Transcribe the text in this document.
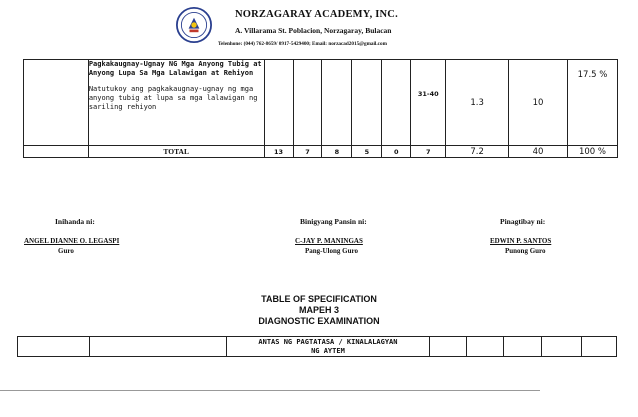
NORZAGARAY ACADEMY, INC.
A. Villarama St. Poblacion, Norzagaray, Bulacan
Telenhone: (044) 762-8659/ 0917-5429400; Email: norzacad2015@gmail.com

	Pagkakaugnay-Ugnay NG Mga Anyong Tubig at Anyong Lupa Sa Mga Lalawigan at Rehiyon
Natutukoy ang pagkakaugnay-ugnay ng mga anyong tubig at lupa sa mga lalawigan ng sariling rehiyon						31-40	1.3	10	17.5 %
	TOTAL	13	7	8	5	0	7	7.2	40	100 %
Inihanda ni:
ANGEL DIANNE O. LEGASPI
Guro
Binigyang Pansin ni:
C-JAY P. MANINGAS
Pang-Ulong Guro
Pinagtibay ni:
EDWIN P. SANTOS
Punong Guro
TABLE OF SPECIFICATION
MAPEH 3
DIAGNOSTIC EXAMINATION

ANTAS NG PAGTATASA / KINALALAGYAN
NG AYTEM
